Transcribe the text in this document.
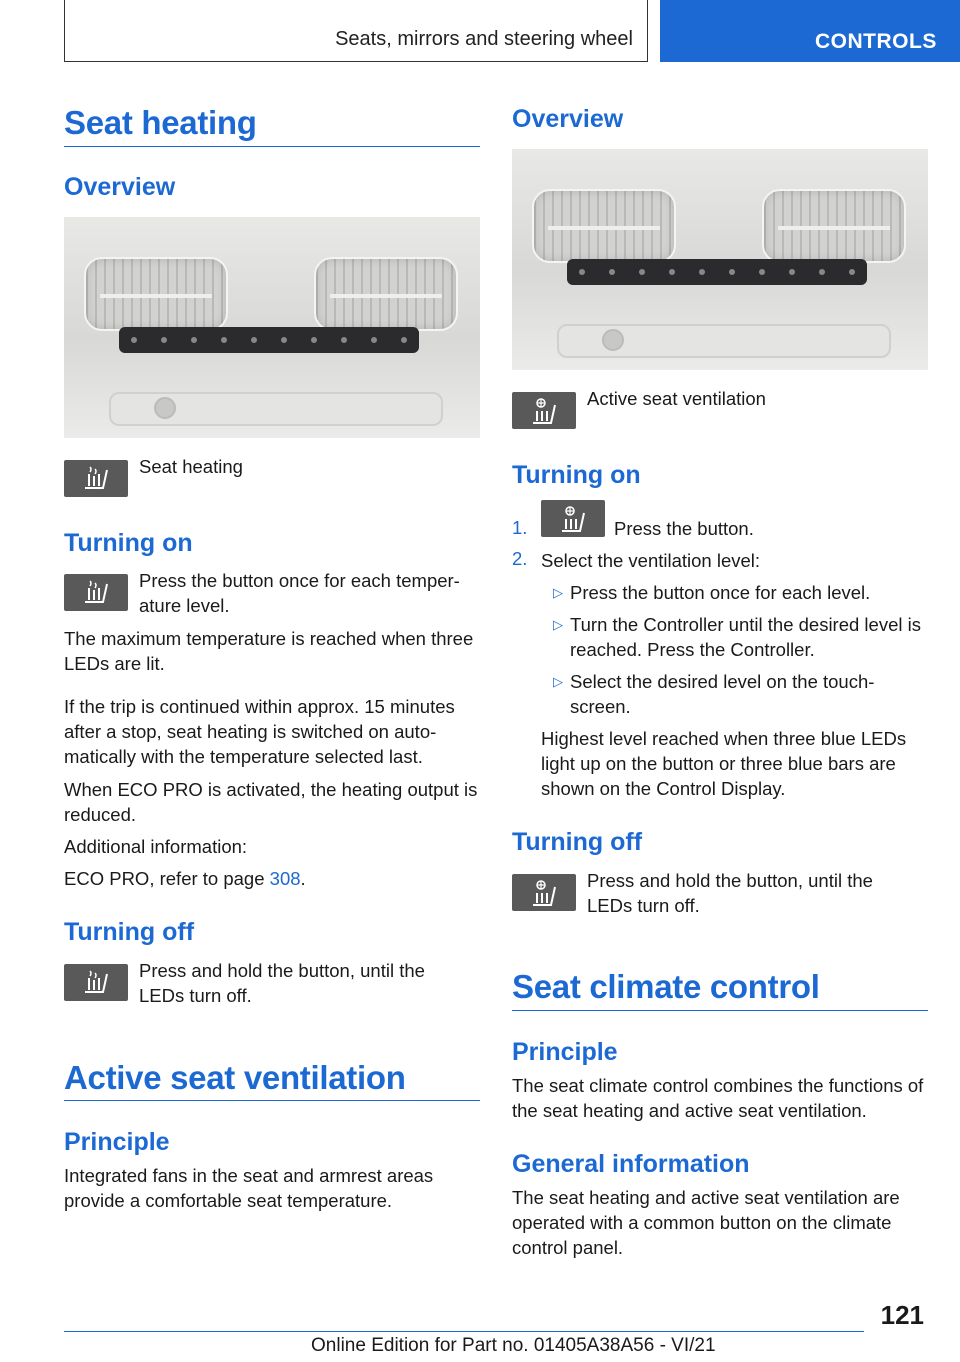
Seats, mirrors and steering wheel	CONTROLS
Seat heating
Overview

Seat heating

Turning on

Press the button once for each temper‐

ature level.

The maximum temperature is reached when three LEDs are lit.

If the trip is continued within approx. 15 minutes after a stop, seat heating is switched on auto‐ matically with the temperature selected last.

When ECO PRO is activated, the heating output is reduced.

Additional information:

ECO PRO, refer to page 308.

Turning off

Press and hold the button, until the

LEDs turn off.

Active seat ventilation
Principle

Integrated fans in the seat and armrest areas provide a comfortable seat temperature.

Overview

Active seat ventilation

Turning on
1.	Press the button.

2. Select the ventilation level:

▷ Press the button once for each level.

▷ Turn the Controller until the desired level is reached. Press the Controller.

▷ Select the desired level on the touch‐ screen.

Highest level reached when three blue LEDs light up on the button or three blue bars are shown on the Control Display.

Turning off

Press and hold the button, until the

LEDs turn off.

Seat climate control
Principle

The seat climate control combines the functions of the seat heating and active seat ventilation.

General information

The seat heating and active seat ventilation are operated with a common button on the climate control panel.

121
Online Edition for Part no. 01405A38A56 - VI/21
